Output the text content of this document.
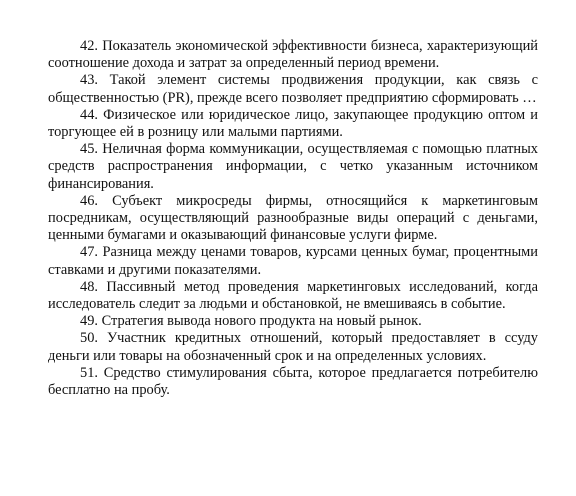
42. Показатель экономической эффективности бизнеса, характеризующий соотношение дохода и затрат за определенный период времени.

43. Такой элемент системы продвижения продукции, как связь с общественностью (PR), прежде всего позволяет предприятию сформировать …

44. Физическое или юридическое лицо, закупающее продукцию оптом и торгующее ей в розницу или малыми партиями.

45. Неличная форма коммуникации, осуществляемая с помощью платных средств распространения информации, с четко указанным источником финансирования.

46. Субъект микросреды фирмы, относящийся к маркетинговым посредникам, осуществляющий разнообразные виды операций с деньгами, ценными бумагами и оказывающий финансовые услуги фирме.

47. Разница между ценами товаров, курсами ценных бумаг, процентными ставками и другими показателями.

48. Пассивный метод проведения маркетинговых исследований, когда исследователь следит за людьми и обстановкой, не вмешиваясь в событие.

49. Стратегия вывода нового продукта на новый рынок.

50. Участник кредитных отношений, который предоставляет в ссуду деньги или товары на обозначенный срок и на определенных условиях.

51. Средство стимулирования сбыта, которое предлагается потребителю бесплатно на пробу.
